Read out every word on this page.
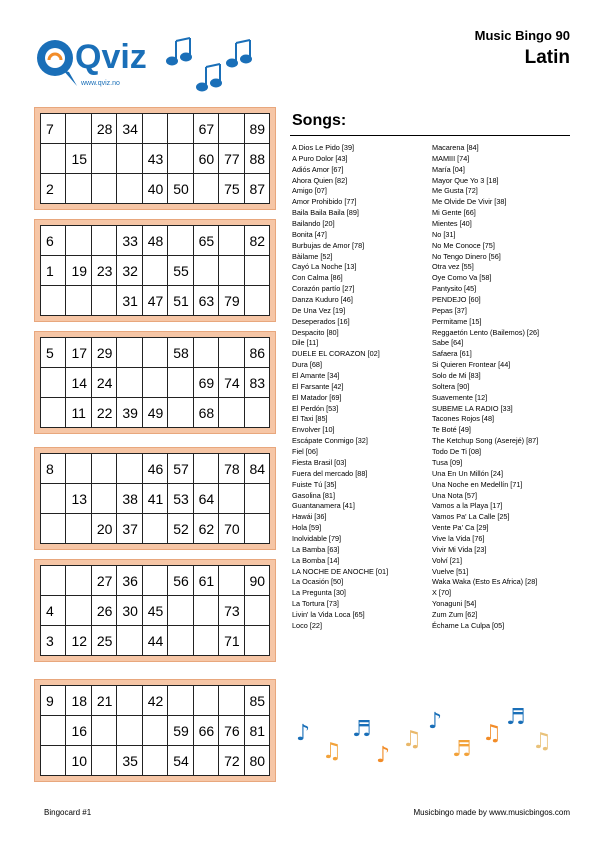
Qviz
www.qviz.no
Music Bingo 90
Latin
7		28	34			67		89
	15			43		60	77	88
2				40	50		75	87
6			33	48		65		82
1	19	23	32		55			
			31	47	51	63	79	
5	17	29			58			86
	14	24				69	74	83
	11	22	39	49		68		
8				46	57		78	84
	13		38	41	53	64		
		20	37		52	62	70	
		27	36		56	61		90
4		26	30	45			73	
3	12	25		44			71	
9	18	21		42				85
	16				59	66	76	81
	10		35		54		72	80
Songs:
A Dios Le Pido [39]
A Puro Dolor [43]
Adiós Amor [67]
Ahora Quien [82]
Amigo [07]
Amor Prohibido [77]
Baila Baila Baila [89]
Bailando [20]
Bonita [47]
Burbujas de Amor [78]
Bàilame [52]
Cayó La Noche [13]
Con Calma [86]
Corazón partío [27]
Danza Kuduro [46]
De Una Vez [19]
Deseperados [16]
Despacito [80]
Dile [11]
DUELE EL CORAZON [02]
Dura [68]
El Amante [34]
El Farsante [42]
El Matador [69]
El Perdón [53]
El Taxi [85]
Envolver [10]
Escápate Conmigo [32]
Fiel [06]
Fiesta Brasil [03]
Fuera del mercado [88]
Fuiste Tú [35]
Gasolina [81]
Guantanamera [41]
Hawái [36]
Hola [59]
Inolvidable [79]
La Bamba [63]
La Bomba [14]
LA NOCHE DE ANOCHE [01]
La Ocasión [50]
La Pregunta [30]
La Tortura [73]
Livin' la Vida Loca [65]
Loco [22]
Macarena [84]
MAMIII [74]
María [04]
Mayor Que Yo 3 [18]
Me Gusta [72]
Me Olvide De Vivir [38]
Mi Gente [66]
Mientes [40]
No [31]
No Me Conoce [75]
No Tengo Dinero [56]
Otra vez [55]
Oye Como Va [58]
Pantysito [45]
PENDEJO [60]
Pepas [37]
Permitame [15]
Reggaetón Lento (Bailemos) [26]
Sabe [64]
Safaera [61]
Si Quieren Frontear [44]
Solo de Mi [83]
Soltera [90]
Suavemente [12]
SUBEME LA RADIO [33]
Tacones Rojos [48]
Te Boté [49]
The Ketchup Song (Aserejé) [87]
Todo De Ti [08]
Tusa [09]
Una En Un Millón [24]
Una Noche en Medellín [71]
Una Nota [57]
Vamos a la Playa [17]
Vamos Pa' La Calle [25]
Vente Pa' Ca [29]
Vive la Vida [76]
Vivir Mi Vida [23]
Volví [21]
Vuelve [51]
Waka Waka (Esto Es Africa) [28]
X [70]
Yonaguni [54]
Zum Zum [62]
Échame La Culpa [05]
♪
♫
♬
♪
♫
♪
♬
♫
♬
♫
Bingocard #1	Musicbingo made by www.musicbingos.com
